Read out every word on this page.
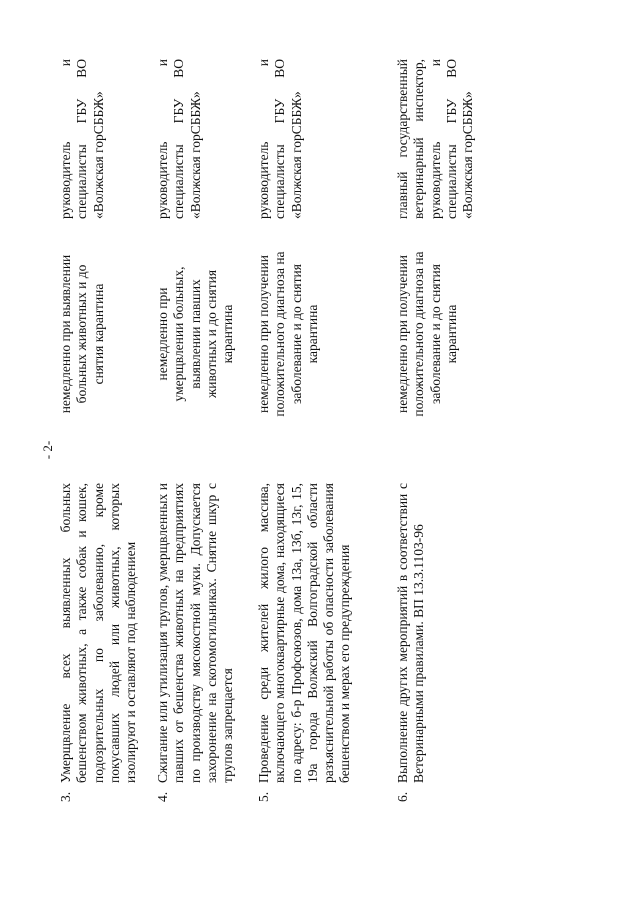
- 2-
3.
Умерщвление всех выявленных больных бешенством животных, а также собак и кошек, подозрительных по заболеванию, кроме покусавших людей или животных, которых изолируют и оставляют под наблюдением
немедленно при выявлении больных животных и до снятия карантина
руководитель и специалисты ГБУ ВО «Волжская горСББЖ»
4.
Сжигание или утилизация трупов, умерщвленных и павших от бешенства животных на предприятиях по производству мясокостной муки. Допускается захоронение на скотомогильниках. Снятие шкур с трупов запрещается
немедленно при умерщвлении больных, выявлении павших животных и до снятия карантина
руководитель и специалисты ГБУ ВО «Волжская горСББЖ»
5.
Проведение среди жителей жилого массива, включающего многоквартирные дома, находящиеся по адресу: б-р Профсоюзов, дома 13а, 13б, 13г, 15, 19а города Волжский Волгоградской области разъяснительной работы об опасности заболевания бешенством и мерах его предупреждения
немедленно при получении положительного диагноза на заболевание и до снятия карантина
руководитель и специалисты ГБУ ВО «Волжская горСББЖ»
6.
Выполнение других мероприятий в соответствии с Ветеринарными правилами. ВП 13.3.1103-96
немедленно при получении положительного диагноза на заболевание и до снятия карантина
главный государственный ветеринарный инспектор, руководитель и специалисты ГБУ ВО «Волжская горСББЖ»
